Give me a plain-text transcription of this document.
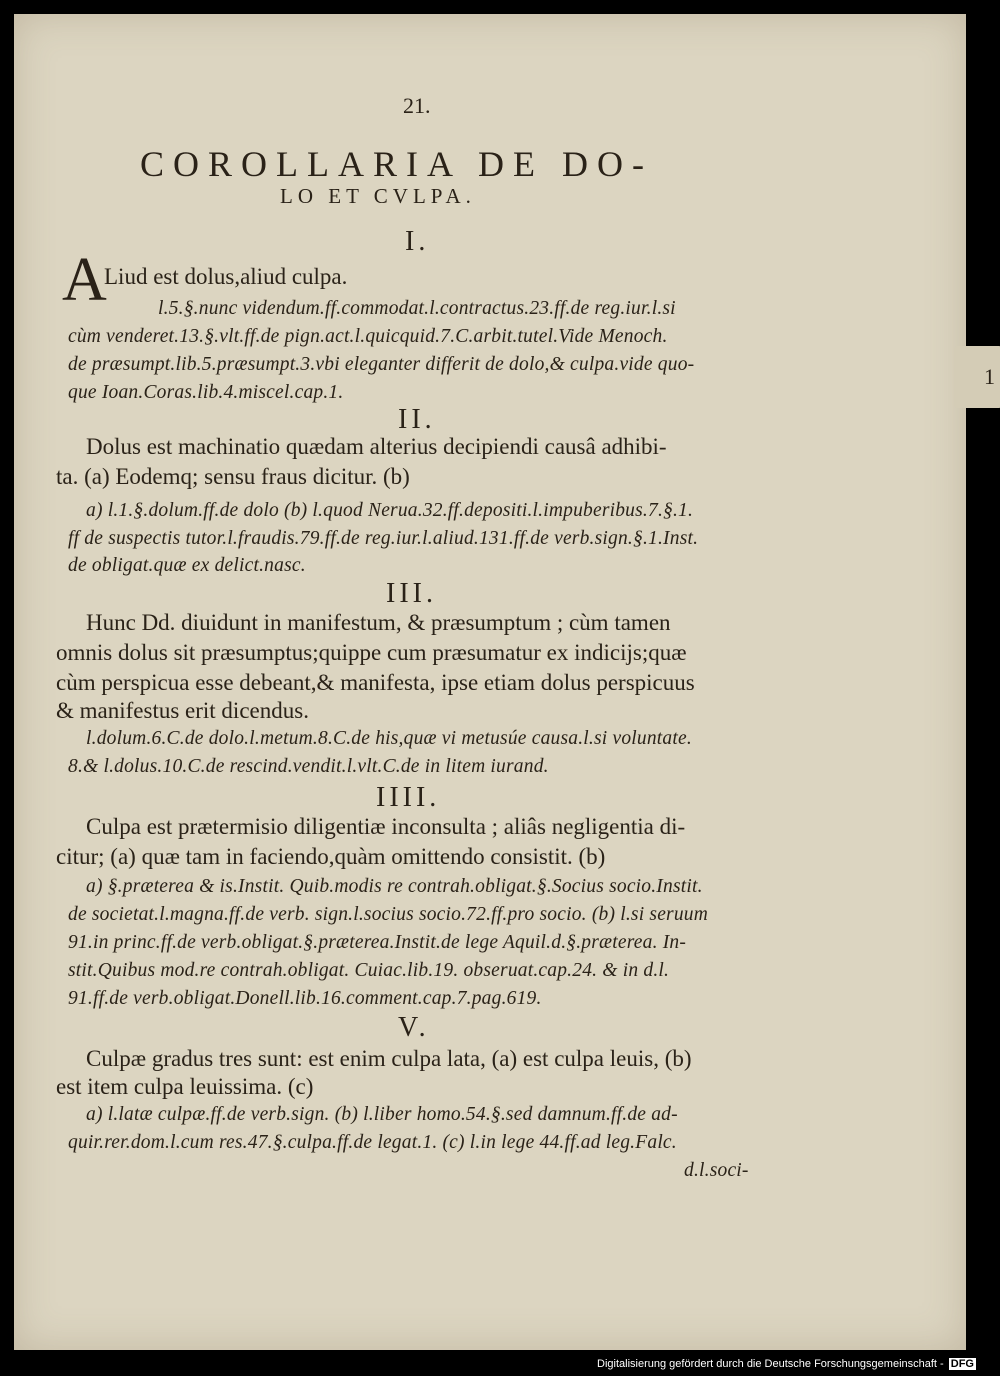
1
21.
COROLLARIA DE DO-
LO ET CVLPA.
I.
A
Liud est dolus,aliud culpa.
l.5.§.nunc videndum.ff.commodat.l.contractus.23.ff.de reg.iur.l.si
cùm venderet.13.§.vlt.ff.de pign.act.l.quicquid.7.C.arbit.tutel.Vide Menoch.
de præsumpt.lib.5.præsumpt.3.vbi eleganter differit de dolo,& culpa.vide quo-
que Ioan.Coras.lib.4.miscel.cap.1.
II.
Dolus est machinatio quædam alterius decipiendi causâ adhibi-
ta. (a) Eodemq; sensu fraus dicitur. (b)
a) l.1.§.dolum.ff.de dolo (b) l.quod Nerua.32.ff.depositi.l.impuberibus.7.§.1.
ff de suspectis tutor.l.fraudis.79.ff.de reg.iur.l.aliud.131.ff.de verb.sign.§.1.Inst.
de obligat.quæ ex delict.nasc.
III.
Hunc Dd. diuidunt in manifestum, & præsumptum ; cùm tamen
omnis dolus sit præsumptus;quippe cum præsumatur ex indicijs;quæ
cùm perspicua esse debeant,& manifesta, ipse etiam dolus perspicuus
& manifestus erit dicendus.
l.dolum.6.C.de dolo.l.metum.8.C.de his,quæ vi metusúe causa.l.si voluntate.
8.& l.dolus.10.C.de rescind.vendit.l.vlt.C.de in litem iurand.
IIII.
Culpa est prætermisio diligentiæ inconsulta ; aliâs negligentia di-
citur; (a) quæ tam in faciendo,quàm omittendo consistit. (b)
a) §.præterea & is.Instit. Quib.modis re contrah.obligat.§.Socius socio.Instit.
de societat.l.magna.ff.de verb. sign.l.socius socio.72.ff.pro socio. (b) l.si seruum
91.in princ.ff.de verb.obligat.§.præterea.Instit.de lege Aquil.d.§.præterea. In-
stit.Quibus mod.re contrah.obligat. Cuiac.lib.19. obseruat.cap.24. & in d.l.
91.ff.de verb.obligat.Donell.lib.16.comment.cap.7.pag.619.
V.
Culpæ gradus tres sunt: est enim culpa lata, (a) est culpa leuis, (b)
est item culpa leuissima. (c)
a) l.latæ culpæ.ff.de verb.sign. (b) l.liber homo.54.§.sed damnum.ff.de ad-
quir.rer.dom.l.cum res.47.§.culpa.ff.de legat.1. (c) l.in lege 44.ff.ad leg.Falc.
d.l.soci-
Digitalisierung gefördert durch die Deutsche Forschungsgemeinschaft - DFG
